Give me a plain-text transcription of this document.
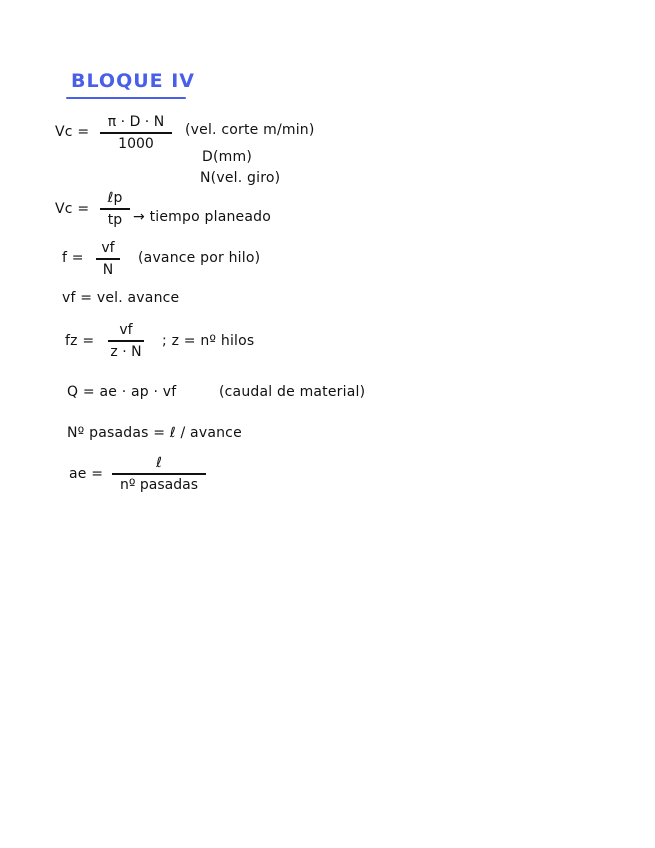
BLOQUE IV
Vc =
π · D · N
1000
(vel. corte m/min)
D(mm)
N(vel. giro)
Vc =
ℓp
tp → tiempo planeado
f =
vf
N
(avance por hilo)
vf = vel. avance
fz =
vf
z · N
; z = nº hilos
Q = ae · ap · vf	(caudal de material)
Nº pasadas = ℓ / avance
ae =
ℓ
nº pasadas
